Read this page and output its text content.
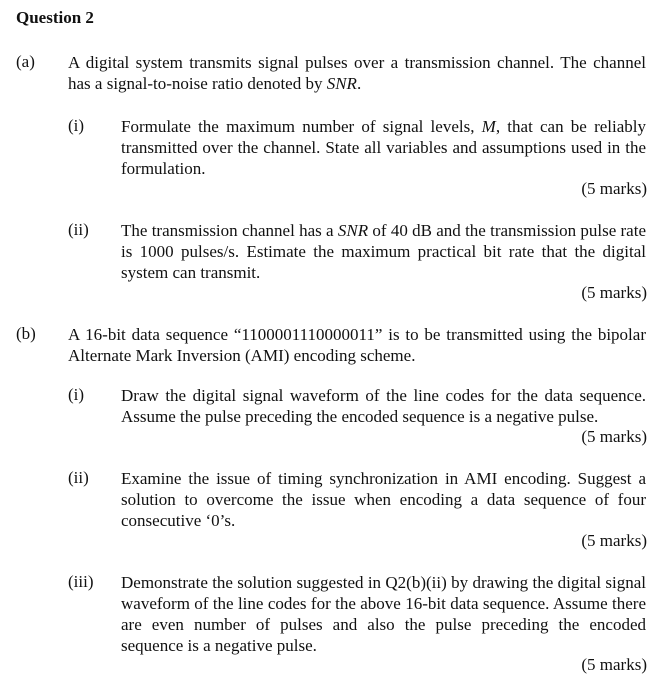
Question 2
(a) A digital system transmits signal pulses over a transmission channel. The channel has a signal-to-noise ratio denoted by SNR.
(i) Formulate the maximum number of signal levels, M, that can be reliably transmitted over the channel. State all variables and assumptions used in the formulation.
(5 marks)
(ii) The transmission channel has a SNR of 40 dB and the transmission pulse rate is 1000 pulses/s. Estimate the maximum practical bit rate that the digital system can transmit.
(5 marks)
(b) A 16-bit data sequence “1100001110000011” is to be transmitted using the bipolar Alternate Mark Inversion (AMI) encoding scheme.
(i) Draw the digital signal waveform of the line codes for the data sequence. Assume the pulse preceding the encoded sequence is a negative pulse.
(5 marks)
(ii) Examine the issue of timing synchronization in AMI encoding. Suggest a solution to overcome the issue when encoding a data sequence of four consecutive ‘0’s.
(5 marks)
(iii) Demonstrate the solution suggested in Q2(b)(ii) by drawing the digital signal waveform of the line codes for the above 16-bit data sequence. Assume there are even number of pulses and also the pulse preceding the encoded sequence is a negative pulse.
(5 marks)
